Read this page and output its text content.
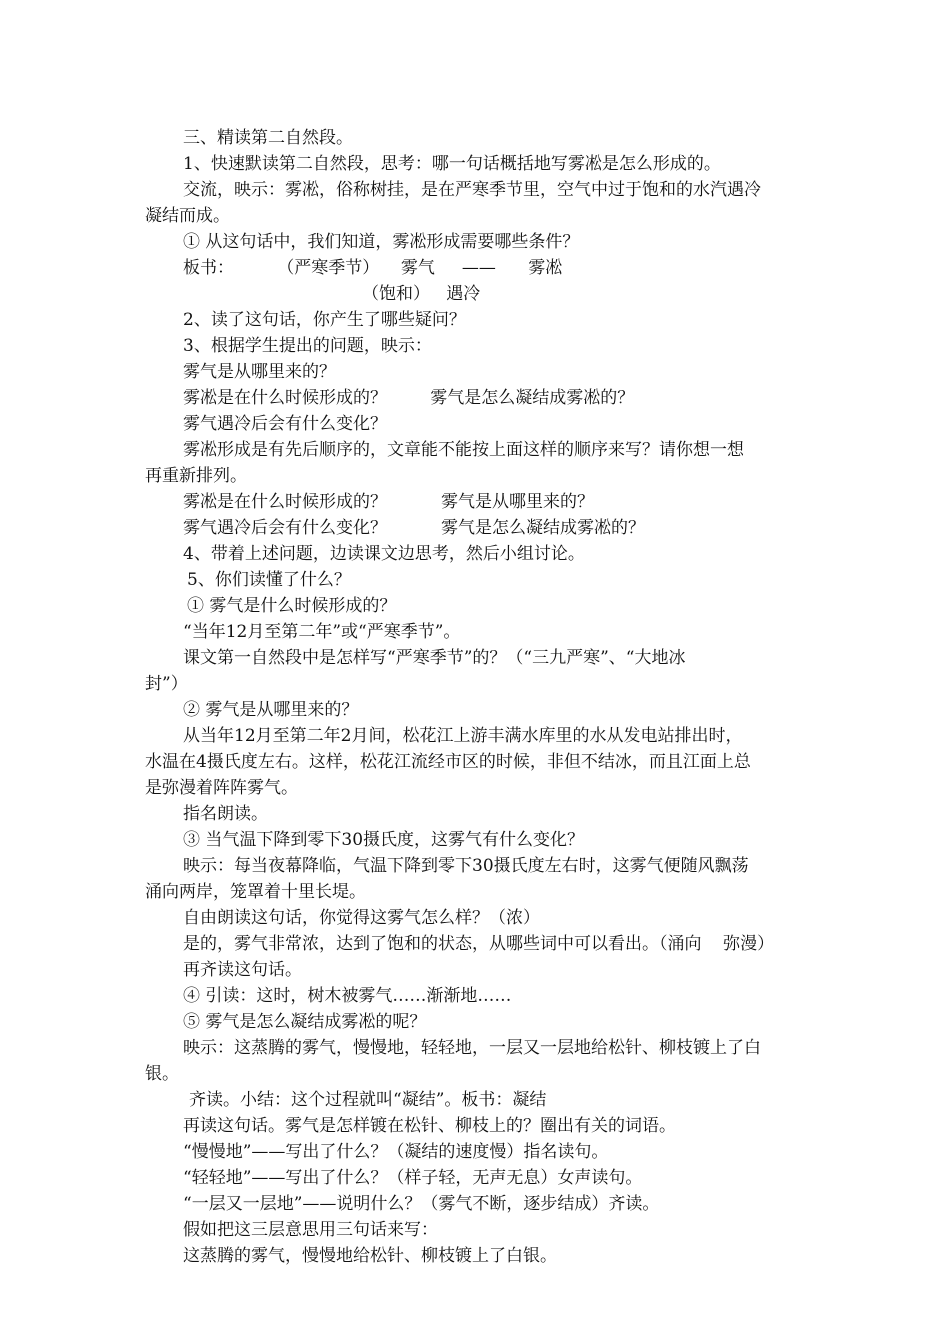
三、精读第二自然段。

1、快速默读第二自然段，思考：哪一句话概括地写雾凇是怎么形成的。

交流，映示：雾凇，俗称树挂，是在严寒季节里，空气中过于饱和的水汽遇冷

凝结而成。

① 从这句话中，我们知道，雾凇形成需要哪些条件？

板书：        （严寒季节）    雾气     ——      雾凇

（饱和）   遇冷

2、读了这句话，你产生了哪些疑问？

3、根据学生提出的问题，映示：

雾气是从哪里来的？

雾凇是在什么时候形成的？        雾气是怎么凝结成雾凇的？

雾气遇冷后会有什么变化？

雾凇形成是有先后顺序的，文章能不能按上面这样的顺序来写？请你想一想

再重新排列。

雾凇是在什么时候形成的？          雾气是从哪里来的？

雾气遇冷后会有什么变化？          雾气是怎么凝结成雾凇的？

4、带着上述问题，边读课文边思考，然后小组讨论。

5、你们读懂了什么？

① 雾气是什么时候形成的？

“当年12月至第二年”或“严寒季节”。

课文第一自然段中是怎样写“严寒季节”的？（“三九严寒”、“大地冰

封”）

② 雾气是从哪里来的？

从当年12月至第二年2月间，松花江上游丰满水库里的水从发电站排出时，

水温在4摄氏度左右。这样，松花江流经市区的时候，非但不结冰，而且江面上总

是弥漫着阵阵雾气。

指名朗读。

③ 当气温下降到零下30摄氏度，这雾气有什么变化？

映示：每当夜幕降临，气温下降到零下30摄氏度左右时，这雾气便随风飘荡

涌向两岸，笼罩着十里长堤。

自由朗读这句话，你觉得这雾气怎么样？（浓）

是的，雾气非常浓，达到了饱和的状态，从哪些词中可以看出。（涌向    弥漫）

再齐读这句话。

④ 引读：这时，树木被雾气……渐渐地……

⑤ 雾气是怎么凝结成雾凇的呢？

映示：这蒸腾的雾气，慢慢地，轻轻地，一层又一层地给松针、柳枝镀上了白

银。

齐读。小结：这个过程就叫“凝结”。板书：凝结

再读这句话。雾气是怎样镀在松针、柳枝上的？圈出有关的词语。

“慢慢地”——写出了什么？（凝结的速度慢）指名读句。

“轻轻地”——写出了什么？（样子轻，无声无息）女声读句。

“一层又一层地”——说明什么？（雾气不断，逐步结成）齐读。

假如把这三层意思用三句话来写：

这蒸腾的雾气，慢慢地给松针、柳枝镀上了白银。
